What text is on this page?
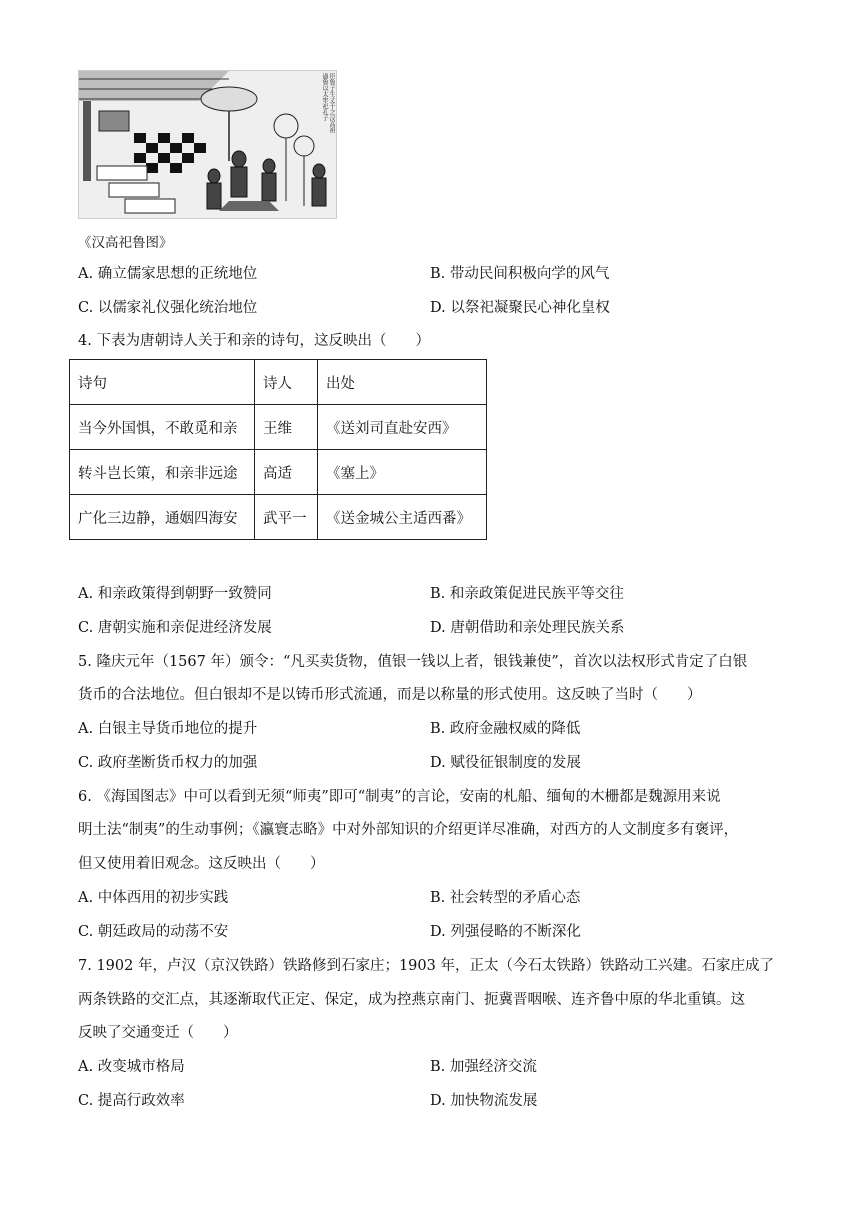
臣鲁子生丈千之汉高祖過鲁以太牢祀孔子
《汉高祀鲁图》
A. 确立儒家思想的正统地位	B. 带动民间积极向学的风气
C. 以儒家礼仪强化统治地位	D. 以祭祀凝聚民心神化皇权
4. 下表为唐朝诗人关于和亲的诗句，这反映出（　　）
诗句	诗人	出处
当今外国惧，不敢觅和亲	王维	《送刘司直赴安西》
转斗岂长策，和亲非远途	高适	《塞上》
广化三边静，通姻四海安	武平一	《送金城公主适西番》
A. 和亲政策得到朝野一致赞同	B. 和亲政策促进民族平等交往
C. 唐朝实施和亲促进经济发展	D. 唐朝借助和亲处理民族关系
5. 隆庆元年（1567 年）颁令：“凡买卖货物，值银一钱以上者，银钱兼使”，首次以法权形式肯定了白银
货币的合法地位。但白银却不是以铸币形式流通，而是以称量的形式使用。这反映了当时（　　）
A. 白银主导货币地位的提升	B. 政府金融权威的降低
C. 政府垄断货币权力的加强	D. 赋役征银制度的发展
6. 《海国图志》中可以看到无须“师夷”即可“制夷”的言论，安南的札船、缅甸的木栅都是魏源用来说
明土法“制夷”的生动事例；《瀛寰志略》中对外部知识的介绍更详尽准确，对西方的人文制度多有褒评，
但又使用着旧观念。这反映出（　　）
A. 中体西用的初步实践	B. 社会转型的矛盾心态
C. 朝廷政局的动荡不安	D. 列强侵略的不断深化
7. 1902 年，卢汉（京汉铁路）铁路修到石家庄；1903 年，正太（今石太铁路）铁路动工兴建。石家庄成了
两条铁路的交汇点，其逐渐取代正定、保定，成为控燕京南门、扼冀晋咽喉、连齐鲁中原的华北重镇。这
反映了交通变迁（　　）
A. 改变城市格局	B. 加强经济交流
C. 提高行政效率	D. 加快物流发展
